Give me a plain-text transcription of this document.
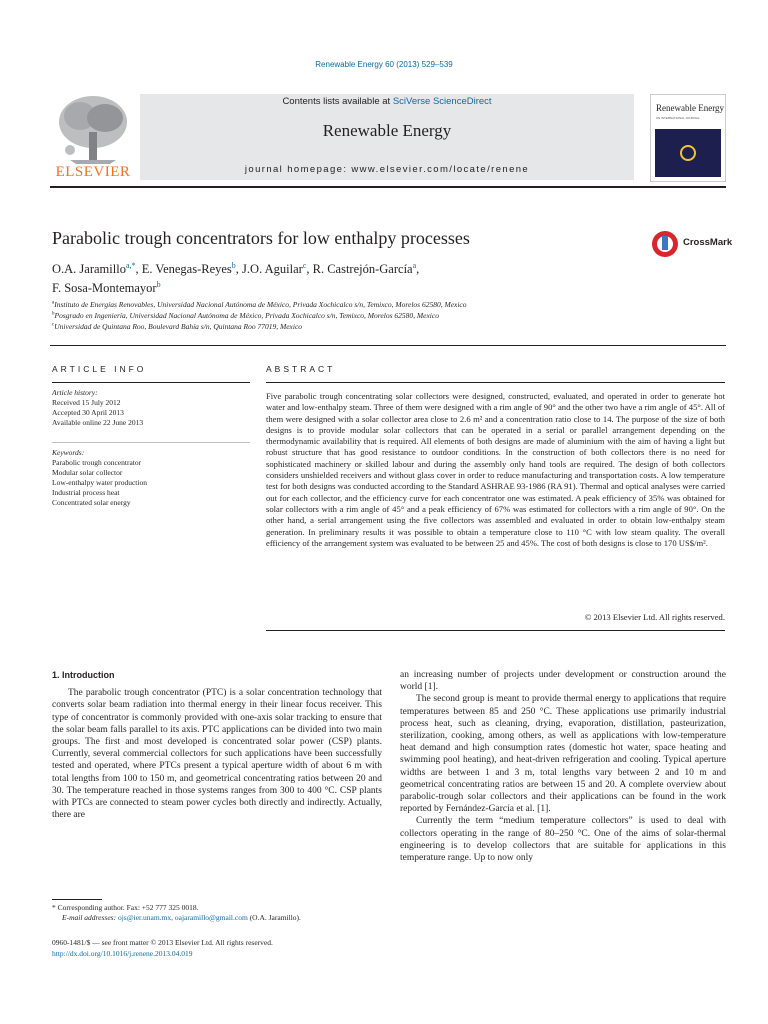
Renewable Energy 60 (2013) 529–539
ELSEVIER
Contents lists available at SciVerse ScienceDirect
Renewable Energy
journal homepage: www.elsevier.com/locate/renene
Renewable Energy
AN INTERNATIONAL JOURNAL
Parabolic trough concentrators for low enthalpy processes	CrossMark
O.A. Jaramillo$^{a,*}$, E. Venegas-Reyes$^b$, J.O. Aguilar$^c$, R. Castrejón-García$^a$,
F. Sosa-Montemayor$^b$
$^a$Instituto de Energías Renovables, Universidad Nacional Autónoma de México, Privada Xochicalco s/n, Temixco, Morelos 62580, Mexico
$^b$Posgrado en Ingeniería, Universidad Nacional Autónoma de México, Privada Xochicalco s/n, Temixco, Morelos 62580, Mexico
$^c$Universidad de Quintana Roo, Boulevard Bahía s/n, Quintana Roo 77019, Mexico
ARTICLE INFO
Article history:
Received 15 July 2012
Accepted 30 April 2013
Available online 22 June 2013
Keywords:
Parabolic trough concentrator
Modular solar collector
Low-enthalpy water production
Industrial process heat
Concentrated solar energy
ABSTRACT
Five parabolic trough concentrating solar collectors were designed, constructed, evaluated, and operated in order to generate hot water and low-enthalpy steam. Three of them were designed with a rim angle of 90° and the other two have a rim angle of 45°. All of them were designed with a solar collector area close to 2.6 m² and a concentration ratio close to 14. The purpose of the size of both designs is to provide modular solar collectors that can be operated in a serial or parallel arrangement depending on the thermodynamic availability that is required. All elements of both designs are made of aluminium with the aim of having a light but robust structure that has good resistance to outdoor conditions. In the construction of both collectors there is no need for sophisticated machinery or skilled labour and during the assembly only hand tools are required. The design of both collectors considers unshielded receivers and without glass cover in order to reduce manufacturing and transportation costs. A low temperature test for both designs was conducted according to the Standard ASHRAE 93-1986 (RA 91). Thermal and optical analyses were carried out for each collector, and the efficiency curve for each concentrator one was estimated. A peak efficiency of 35% was obtained for solar collectors with a rim angle of 45° and a peak efficiency of 67% was estimated for collectors with a rim angle of 90°. On the other hand, a serial arrangement using the five collectors was assembled and evaluated in order to obtain low-enthalpy steam generation. In preliminary results it was possible to obtain a temperature close to 110 °C with low steam quality. The overall efficiency of the arrangement system was evaluated to be between 25 and 45%. The cost of both designs is close to 170 US$/m².
© 2013 Elsevier Ltd. All rights reserved.
1. Introduction

The parabolic trough concentrator (PTC) is a solar concentration technology that converts solar beam radiation into thermal energy in their linear focus receiver. This type of concentrator is commonly provided with one-axis solar tracking to ensure that the solar beam falls parallel to its axis. PTC applications can be divided into two main groups. The first and most developed is concentrated solar power (CSP) plants. Currently, several commercial collectors for such applications have been successfully tested and operated, where PTCs present a typical aperture width of about 6 m with total lengths from 100 to 150 m, and geometrical concentrating ratios between 20 and 30. The temperature reached in those systems ranges from 300 to 400 °C. CSP plants with PTCs are connected to steam power cycles both directly and indirectly. Actually, there are

an increasing number of projects under development or construction around the world [1].

The second group is meant to provide thermal energy to applications that require temperatures between 85 and 250 °C. These applications use primarily industrial process heat, such as cleaning, drying, evaporation, distillation, pasteurization, sterilization, cooking, among others, as well as applications with low-temperature heat demand and high consumption rates (domestic hot water, space heating and swimming pool heating), and heat-driven refrigeration and cooling. Typical aperture widths are between 1 and 3 m, total lengths vary between 2 and 10 m and geometrical concentrating ratios are between 15 and 20. A complete overview about parabolic-trough solar collectors and their applications can be found in the work reported by Fernández-García et al. [1].

Currently the term “medium temperature collectors” is used to deal with collectors operating in the range of 80–250 °C. One of the aims of solar-thermal engineering is to develop collectors that are suitable for applications in this temperature range. Up to now only

* Corresponding author. Fax: +52 777 325 0018.
E-mail addresses: ojs@ier.unam.mx, oajaramillo@gmail.com (O.A. Jaramillo).
0960-1481/$ — see front matter © 2013 Elsevier Ltd. All rights reserved.
http://dx.doi.org/10.1016/j.renene.2013.04.019
